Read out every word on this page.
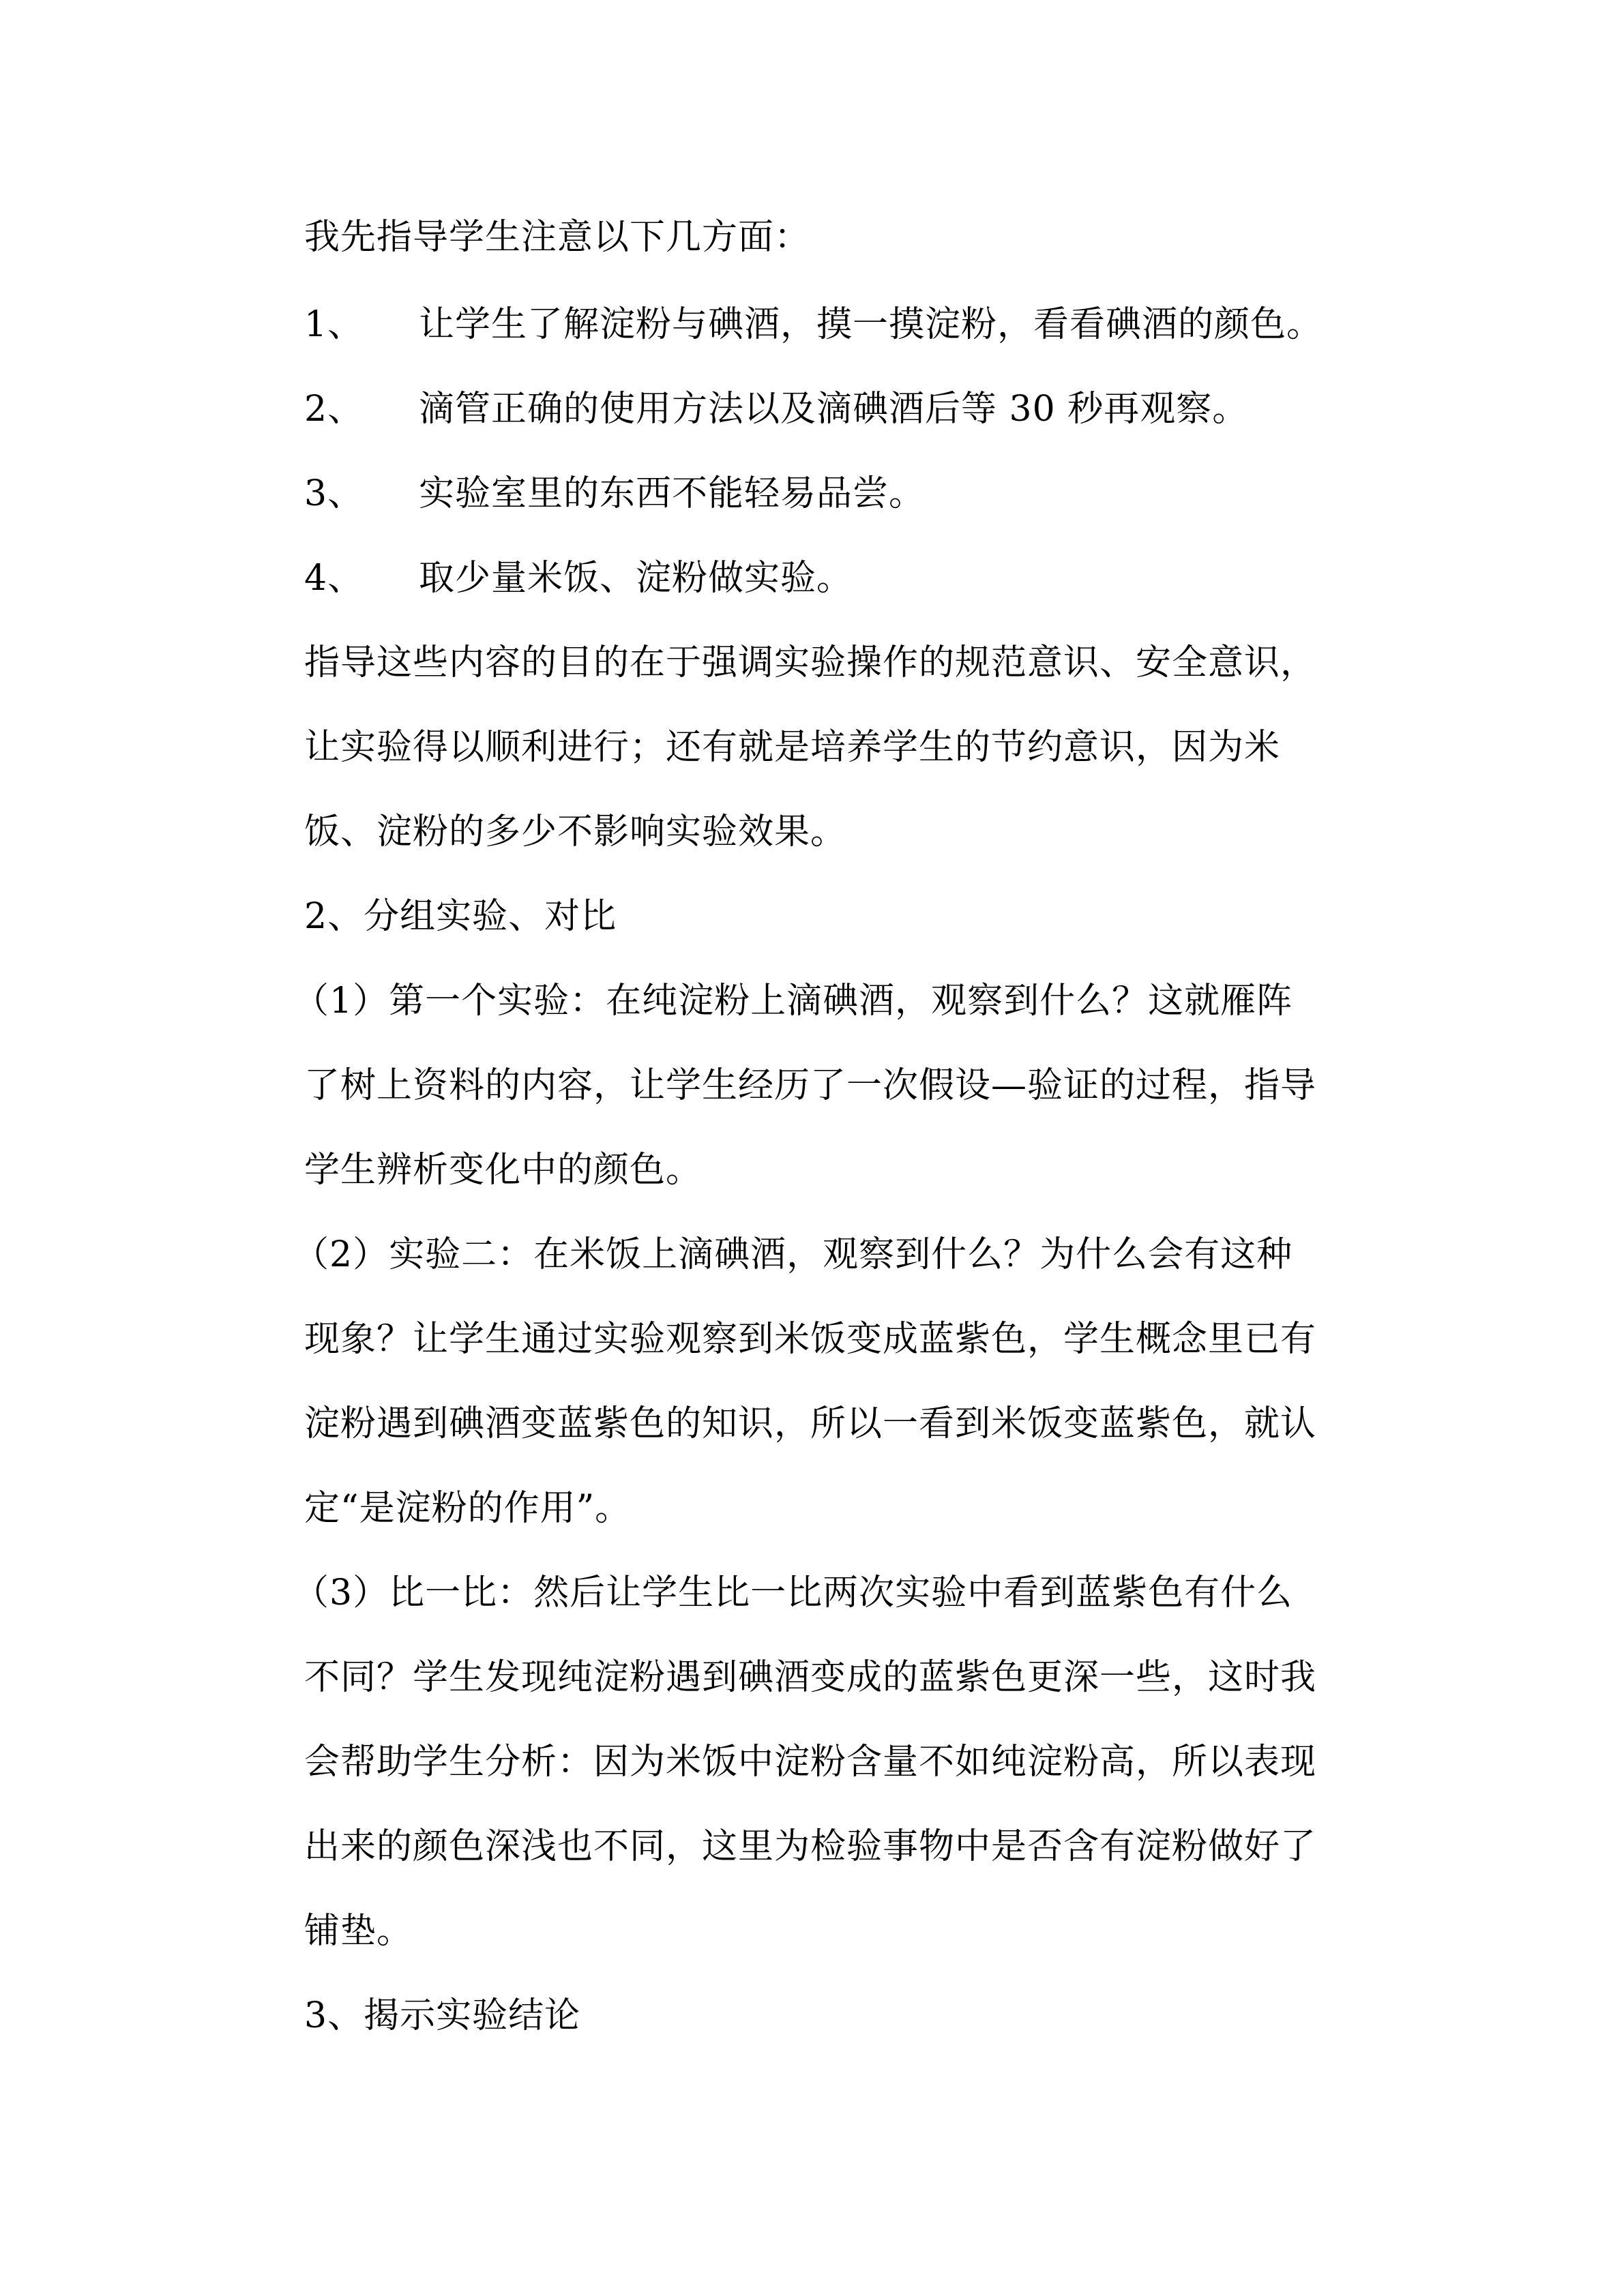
我先指导学生注意以下几方面：
1、 让学生了解淀粉与碘酒，摸一摸淀粉，看看碘酒的颜色。
2、 滴管正确的使用方法以及滴碘酒后等 30 秒再观察。
3、 实验室里的东西不能轻易品尝。
4、 取少量米饭、淀粉做实验。
指导这些内容的目的在于强调实验操作的规范意识、安全意识，
让实验得以顺利进行；还有就是培养学生的节约意识，因为米
饭、淀粉的多少不影响实验效果。
2、分组实验、对比
（1）第一个实验：在纯淀粉上滴碘酒，观察到什么？这就雁阵
了树上资料的内容，让学生经历了一次假设—验证的过程，指导
学生辨析变化中的颜色。
（2）实验二：在米饭上滴碘酒，观察到什么？为什么会有这种
现象？让学生通过实验观察到米饭变成蓝紫色，学生概念里已有
淀粉遇到碘酒变蓝紫色的知识，所以一看到米饭变蓝紫色，就认
定“是淀粉的作用”。
（3）比一比：然后让学生比一比两次实验中看到蓝紫色有什么
不同？学生发现纯淀粉遇到碘酒变成的蓝紫色更深一些，这时我
会帮助学生分析：因为米饭中淀粉含量不如纯淀粉高，所以表现
出来的颜色深浅也不同，这里为检验事物中是否含有淀粉做好了
铺垫。
3、揭示实验结论
